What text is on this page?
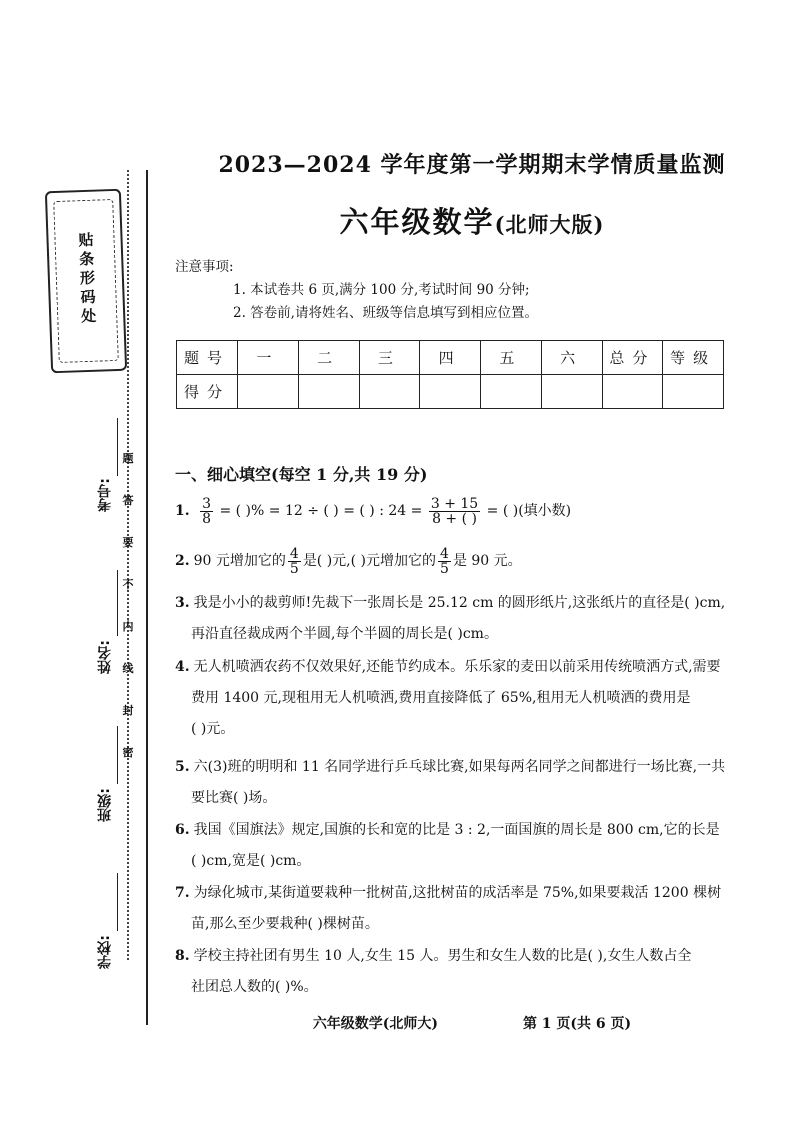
贴条形码处
题
答
要
不
内
线
封
密
考号:
姓名:
班级:
学校:
2023—2024 学年度第一学期期末学情质量监测
六年级数学(北师大版)
注意事项:
1. 本试卷共 6 页,满分 100 分,考试时间 90 分钟;
2. 答卷前,请将姓名、班级等信息填写到相应位置。
题号	一	二	三	四	五	六	总分	等级
得分								
一、细心填空(每空 1 分,共 19 分)
1. $\frac{3}{8}$ = ( )% = 12 ÷ ( ) = ( ) : $24 = \frac{3 + 15}{8 + ( )}$ = ( )(填小数)
2. 90 元增加它的 $\frac{4}{5}$ 是( )元,( )元增加它的 $\frac{4}{5}$ 是 90 元。
3. 我是小小的裁剪师!先裁下一张周长是 25.12 cm 的圆形纸片,这张纸片的直径是( )cm,
再沿直径裁成两个半圆,每个半圆的周长是( )cm。
4. 无人机喷洒农药不仅效果好,还能节约成本。乐乐家的麦田以前采用传统喷洒方式,需要
费用 1400 元,现租用无人机喷洒,费用直接降低了 65%,租用无人机喷洒的费用是
( )元。
5. 六(3)班的明明和 11 名同学进行乒乓球比赛,如果每两名同学之间都进行一场比赛,一共
要比赛( )场。
6. 我国《国旗法》规定,国旗的长和宽的比是 3 : 2,一面国旗的周长是 800 cm,它的长是
( )cm,宽是( )cm。
7. 为绿化城市,某街道要栽种一批树苗,这批树苗的成活率是 75%,如果要栽活 1200 棵树
苗,那么至少要栽种( )棵树苗。
8. 学校主持社团有男生 10 人,女生 15 人。男生和女生人数的比是( ),女生人数占全
社团总人数的( )%。
六年级数学(北师大)	第 1 页(共 6 页)
